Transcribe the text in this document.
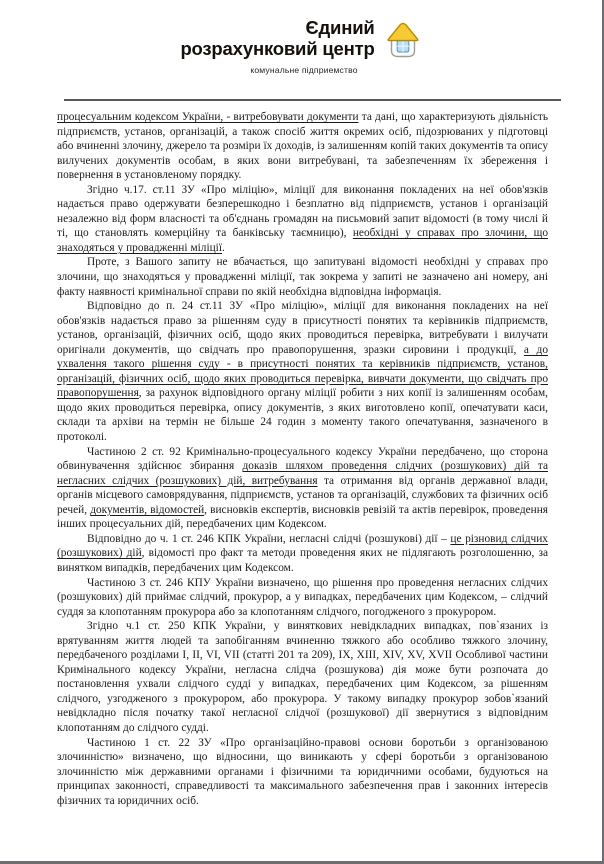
Єдиний
розрахунковий центр
комунальне підприемство

процесуальним кодексом України, - витребовувати документи та дані, що характеризують діяльність підприємств, установ, організацій, а також спосіб життя окремих осіб, підозрюваних у підготовці або вчиненні злочину, джерело та розміри їх доходів, із залишенням копій таких документів та опису вилучених документів особам, в яких вони витребувані, та забезпеченням їх збереження і повернення в установленому порядку.

Згідно ч.17. ст.11 ЗУ «Про міліцію», міліції для виконання покладених на неї обов'язків надається право одержувати безперешкодно і безплатно від підприємств, установ і організацій незалежно від форм власності та об'єднань громадян на письмовий запит відомості (в тому числі й ті, що становлять комерційну та банківську таємницю), необхідні у справах про злочини, що знаходяться у провадженні міліції.

Проте, з Вашого запиту не вбачається, що запитувані відомості необхідні у справах про злочини, що знаходяться у провадженні міліції, так зокрема у запиті не зазначено ані номеру, ані факту наявності кримінальної справи по якій необхідна відповідна інформація.

Відповідно до п. 24 ст.11 ЗУ «Про міліцію», міліції для виконання покладених на неї обов'язків надається право за рішенням суду в присутності понятих та керівників підприємств, установ, організацій, фізичних осіб, щодо яких проводиться перевірка, витребувати і вилучати оригінали документів, що свідчать про правопорушення, зразки сировини і продукції, а до ухвалення такого рішення суду - в присутності понятих та керівників підприємств, установ, організацій, фізичних осіб, щодо яких проводиться перевірка, вивчати документи, що свідчать про правопорушення, за рахунок відповідного органу міліції робити з них копії із залишенням особам, щодо яких проводиться перевірка, опису документів, з яких виготовлено копії, опечатувати каси, склади та архіви на термін не більше 24 годин з моменту такого опечатування, зазначеного в протоколі.

Частиною 2 ст. 92 Кримінально-процесуального кодексу України передбачено, що сторона обвинувачення здійснює збирання доказів шляхом проведення слідчих (розшукових) дій та негласних слідчих (розшукових) дій, витребування та отримання від органів державної влади, органів місцевого самоврядування, підприємств, установ та організацій, службових та фізичних осіб речей, документів, відомостей, висновків експертів, висновків ревізій та актів перевірок, проведення інших процесуальних дій, передбачених цим Кодексом.

Відповідно до ч. 1 ст. 246 КПК України, негласні слідчі (розшукові) дії – це різновид слідчих (розшукових) дій, відомості про факт та методи проведення яких не підлягають розголошенню, за винятком випадків, передбачених цим Кодексом.

Частиною 3 ст. 246 КПУ України визначено, що рішення про проведення негласних слідчих (розшукових) дій приймає слідчий, прокурор, а у випадках, передбачених цим Кодексом, – слідчий суддя за клопотанням прокурора або за клопотанням слідчого, погодженого з прокурором.

Згідно ч.1 ст. 250 КПК України, у виняткових невідкладних випадках, пов`язаних із врятуванням життя людей та запобіганням вчиненню тяжкого або особливо тяжкого злочину, передбаченого розділами I, II, VI, VII (статті 201 та 209), IX, XIII, XIV, XV, XVII Особливої частини Кримінального кодексу України, негласна слідча (розшукова) дія може бути розпочата до постановлення ухвали слідчого судді у випадках, передбачених цим Кодексом, за рішенням слідчого, узгодженого з прокурором, або прокурора. У такому випадку прокурор зобов`язаний невідкладно після початку такої негласної слідчої (розшукової) дії звернутися з відповідним клопотанням до слідчого судді.

Частиною 1 ст. 22 ЗУ «Про організаційно-правові основи боротьби з організованою злочинністю» визначено, що відносини, що виникають у сфері боротьби з організованою злочинністю між державними органами і фізичними та юридичними особами, будуються на принципах законності, справедливості та максимального забезпечення прав і законних інтересів фізичних та юридичних осіб.
